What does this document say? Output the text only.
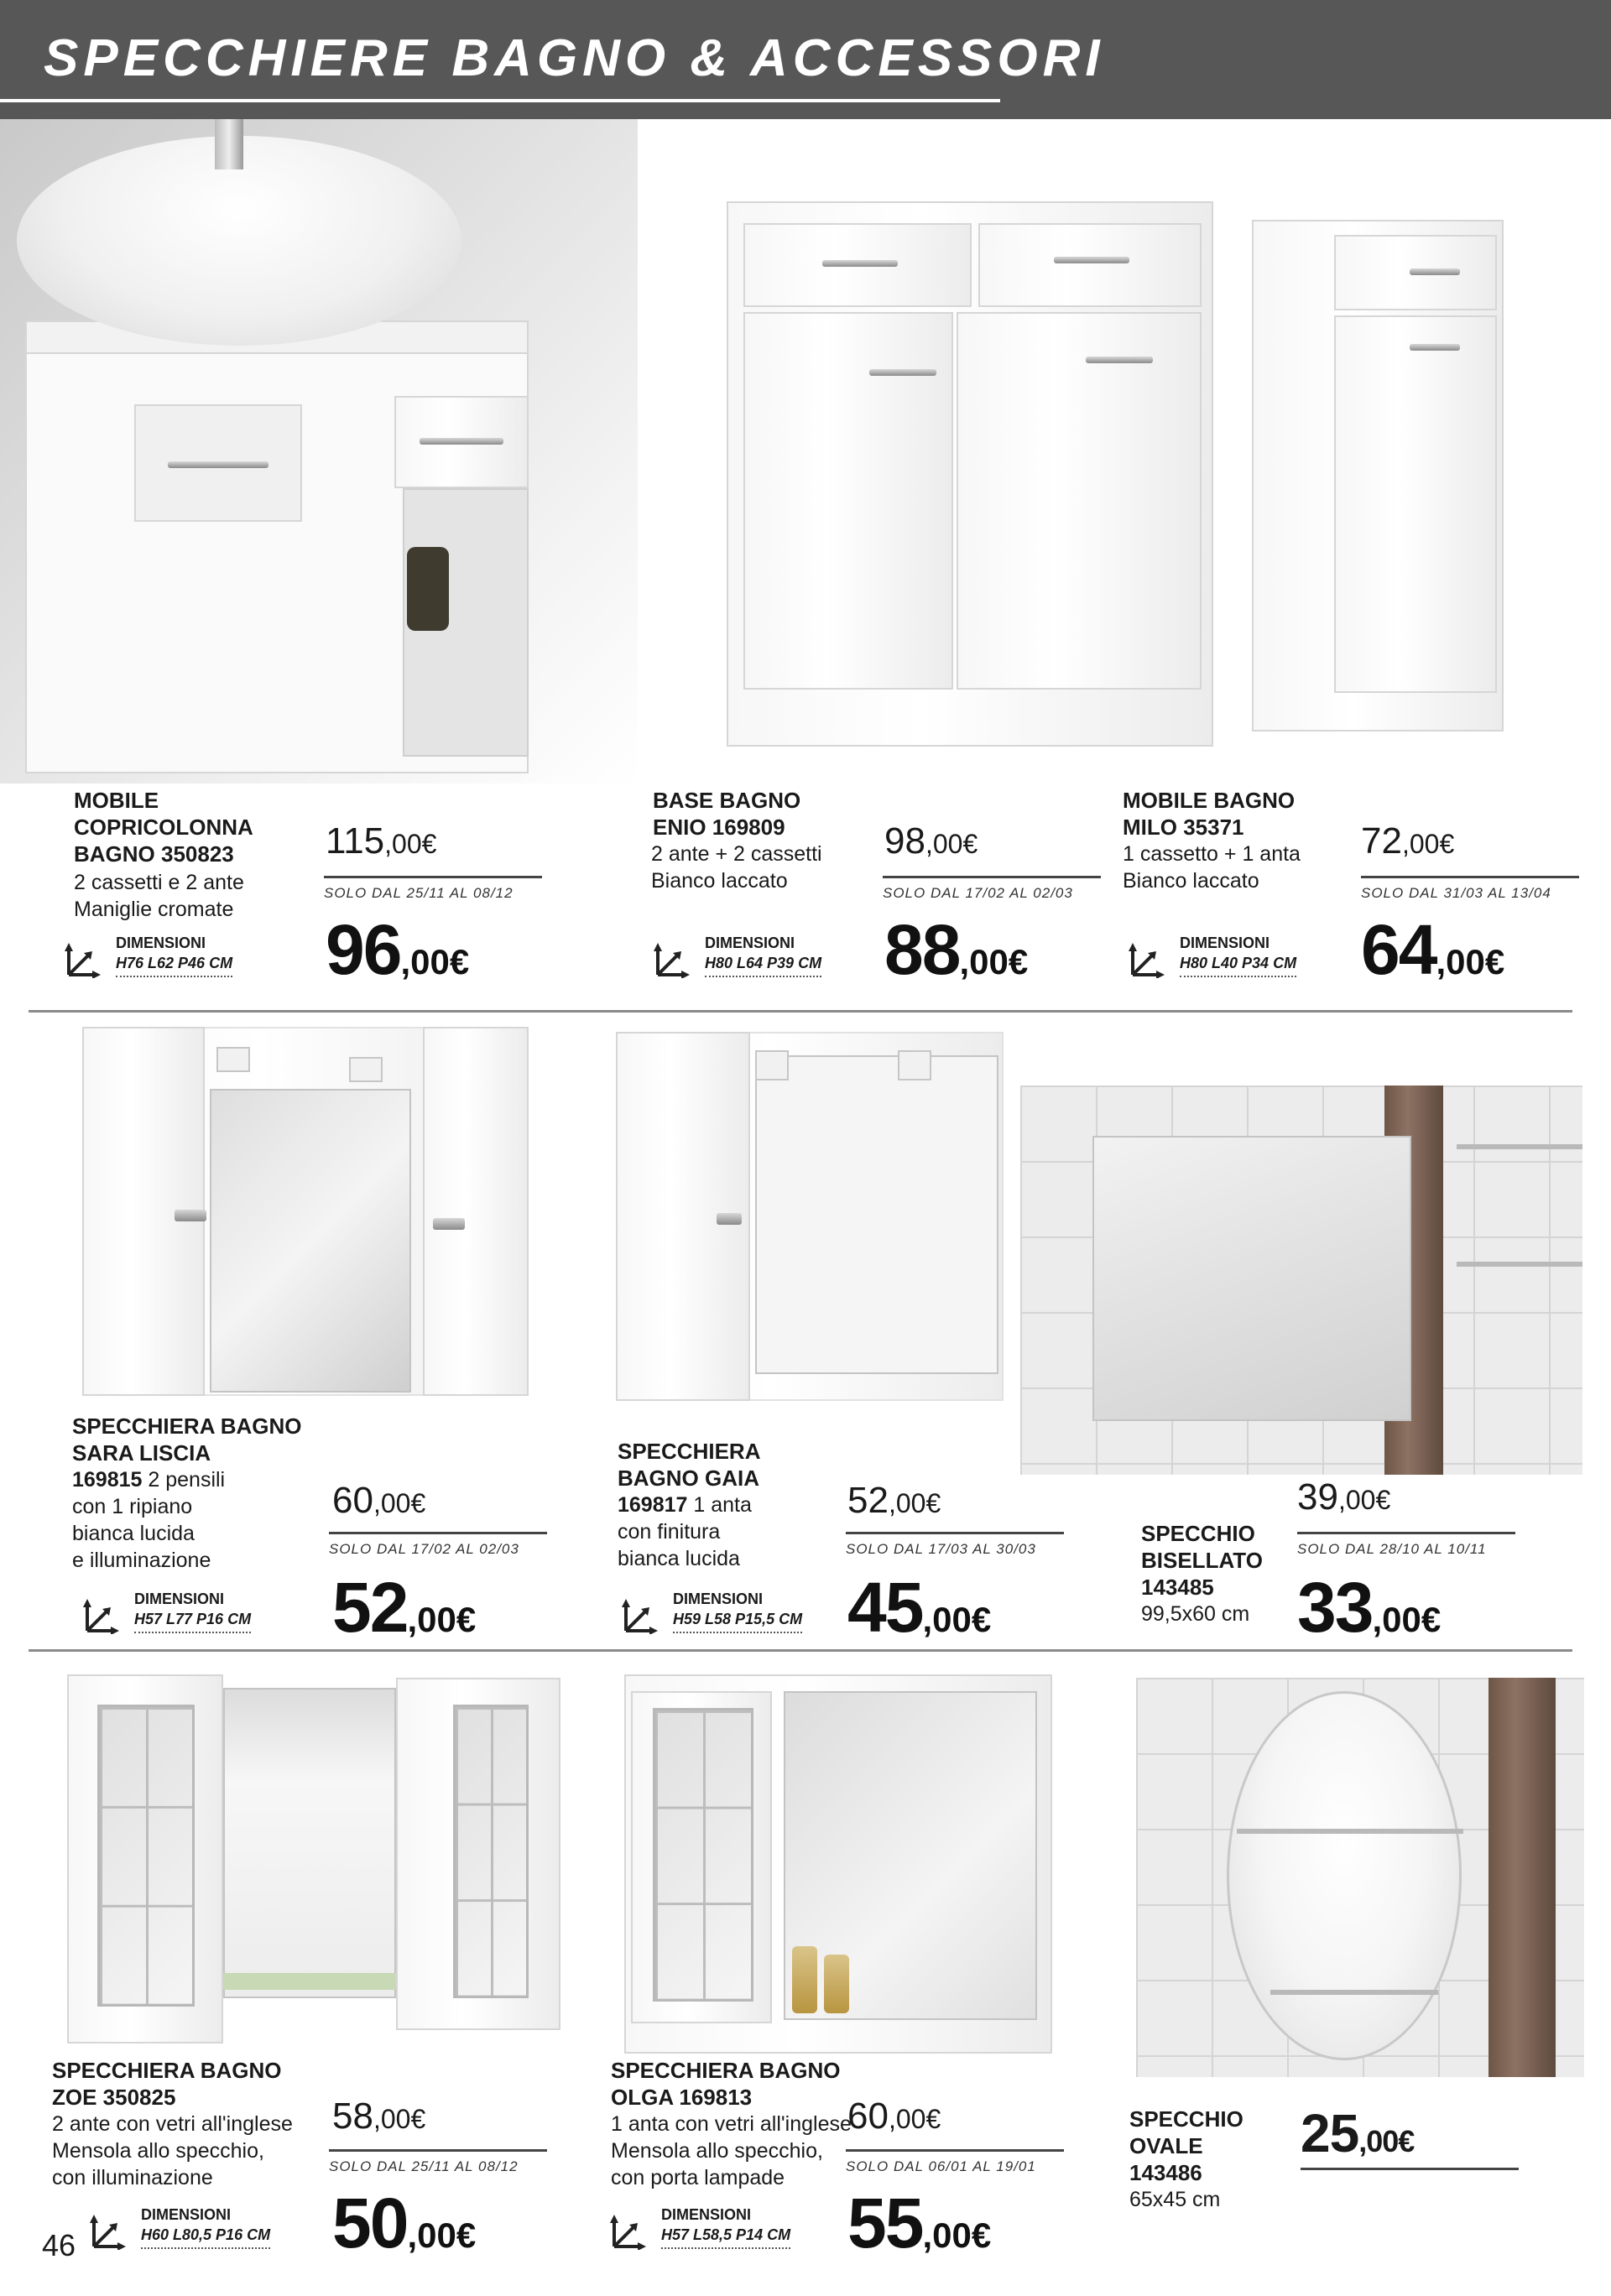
SPECCHIERE BAGNO & ACCESSORI
MOBILE COPRICOLONNA BAGNO 350823
2 cassetti e 2 ante
Maniglie cromate
DIMENSIONI
H76 L62 P46 CM
115,00€
SOLO DAL 25/11 AL 08/12
96,00€
BASE BAGNO ENIO 169809
2 ante + 2 cassetti
Bianco laccato
DIMENSIONI
H80 L64 P39 CM
98,00€
SOLO DAL 17/02 AL 02/03
88,00€
MOBILE BAGNO MILO 35371
1 cassetto + 1 anta
Bianco laccato
DIMENSIONI
H80 L40 P34 CM
72,00€
SOLO DAL 31/03 AL 13/04
64,00€
SPECCHIERA BAGNO
SARA LISCIA
169815 2 pensili
con 1 ripiano
bianca lucida
e illuminazione
DIMENSIONI
H57 L77 P16 CM
60,00€
SOLO DAL 17/02 AL 02/03
52,00€
SPECCHIERA
BAGNO GAIA
169817 1 anta
con finitura
bianca lucida
DIMENSIONI
H59 L58 P15,5 CM
52,00€
SOLO DAL 17/03 AL 30/03
45,00€
SPECCHIO
BISELLATO
143485
99,5x60 cm
39,00€
SOLO DAL 28/10 AL 10/11
33,00€
SPECCHIERA BAGNO
ZOE 350825
2 ante con vetri all'inglese
Mensola allo specchio,
con illuminazione
DIMENSIONI
H60 L80,5 P16 CM
58,00€
SOLO DAL 25/11 AL 08/12
50,00€
SPECCHIERA BAGNO
OLGA 169813
1 anta con vetri all'inglese
Mensola allo specchio,
con porta lampade
DIMENSIONI
H57 L58,5 P14 CM
60,00€
SOLO DAL 06/01 AL 19/01
55,00€
SPECCHIO
OVALE
143486
65x45 cm
25,00€
46
